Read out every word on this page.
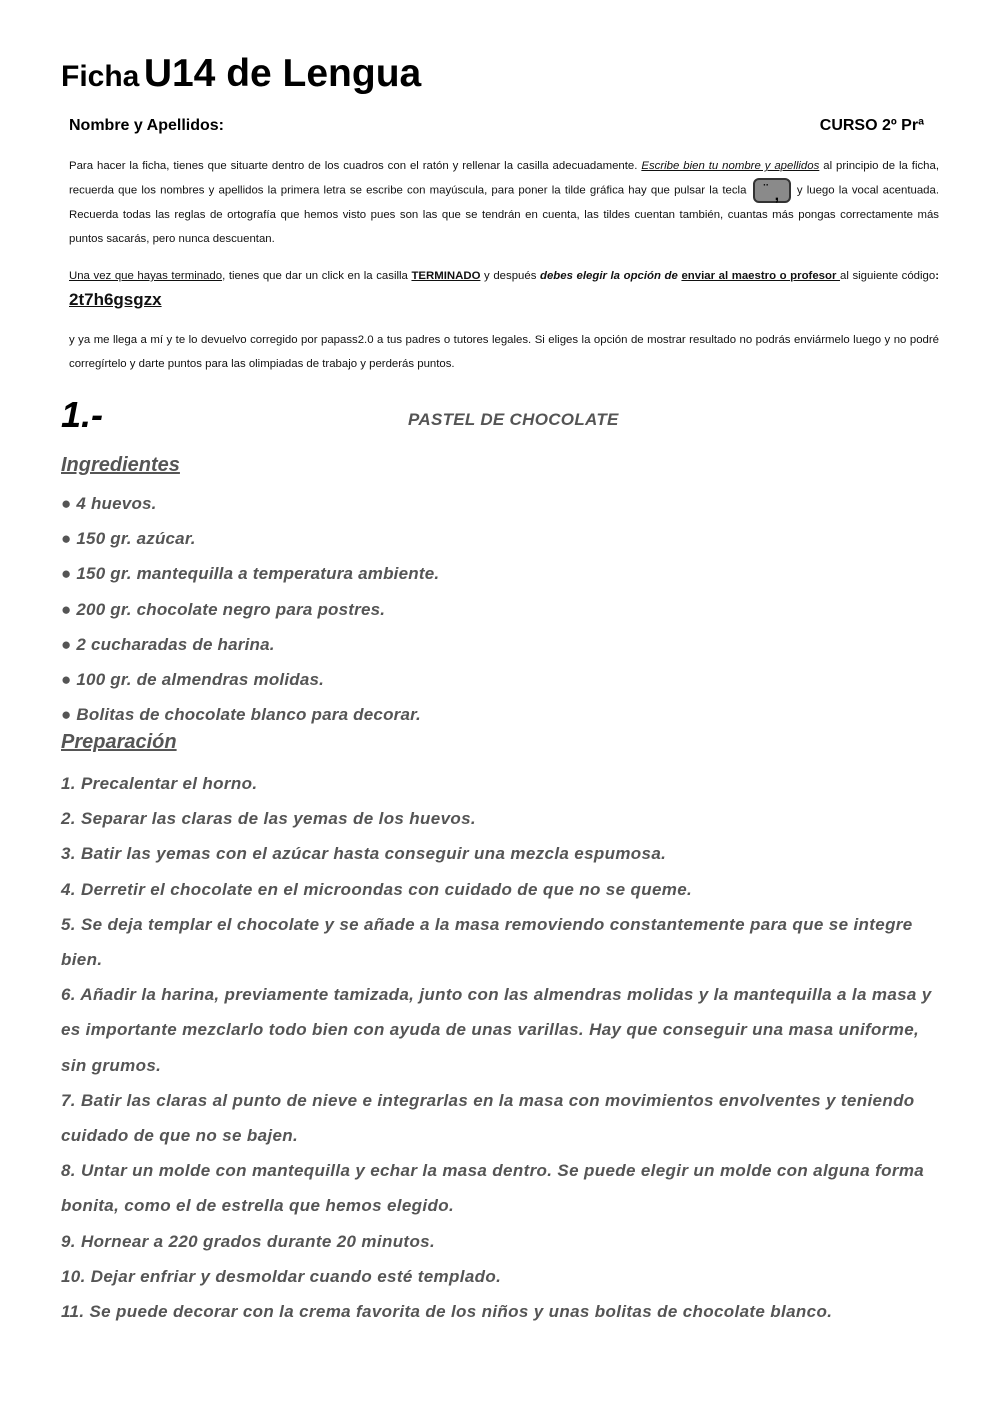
Ficha U14 de Lengua
Nombre y Apellidos:	CURSO 2º Prª
Para hacer la ficha, tienes que situarte dentro de los cuadros con el ratón y rellenar la casilla adecuadamente. Escribe bien tu nombre y apellidos al principio de la ficha, recuerda que los nombres y apellidos la primera letra se escribe con mayúscula, para poner la tilde gráfica hay que pulsar la tecla ¨ , y luego la vocal acentuada. Recuerda todas las reglas de ortografía que hemos visto pues son las que se tendrán en cuenta, las tildes cuentan también, cuantas más pongas correctamente más puntos sacarás, pero nunca descuentan.
Una vez que hayas terminado, tienes que dar un click en la casilla TERMINADO y después debes elegir la opción de enviar al maestro o profesor al siguiente código: 2t7h6gsgzx
y ya me llega a mí y te lo devuelvo corregido por papass2.0 a tus padres o tutores legales. Si eliges la opción de mostrar resultado no podrás enviármelo luego y no podré corregírtelo y darte puntos para las olimpiadas de trabajo y perderás puntos.
1.-	PASTEL DE CHOCOLATE
Ingredientes
● 4 huevos.
● 150 gr. azúcar.
● 150 gr. mantequilla a temperatura ambiente.
● 200 gr. chocolate negro para postres.
● 2 cucharadas de harina.
● 100 gr. de almendras molidas.
● Bolitas de chocolate blanco para decorar.
Preparación
1. Precalentar el horno.
2. Separar las claras de las yemas de los huevos.
3. Batir las yemas con el azúcar hasta conseguir una mezcla espumosa.
4. Derretir el chocolate en el microondas con cuidado de que no se queme.
5. Se deja templar el chocolate y se añade a la masa removiendo constantemente para que se integre bien.
6. Añadir la harina, previamente tamizada, junto con las almendras molidas y la mantequilla a la masa y es importante mezclarlo todo bien con ayuda de unas varillas. Hay que conseguir una masa uniforme, sin grumos.
7. Batir las claras al punto de nieve e integrarlas en la masa con movimientos envolventes y teniendo cuidado de que no se bajen.
8. Untar un molde con mantequilla y echar la masa dentro. Se puede elegir un molde con alguna forma bonita, como el de estrella que hemos elegido.
9. Hornear a 220 grados durante 20 minutos.
10. Dejar enfriar y desmoldar cuando esté templado.
11. Se puede decorar con la crema favorita de los niños y unas bolitas de chocolate blanco.
